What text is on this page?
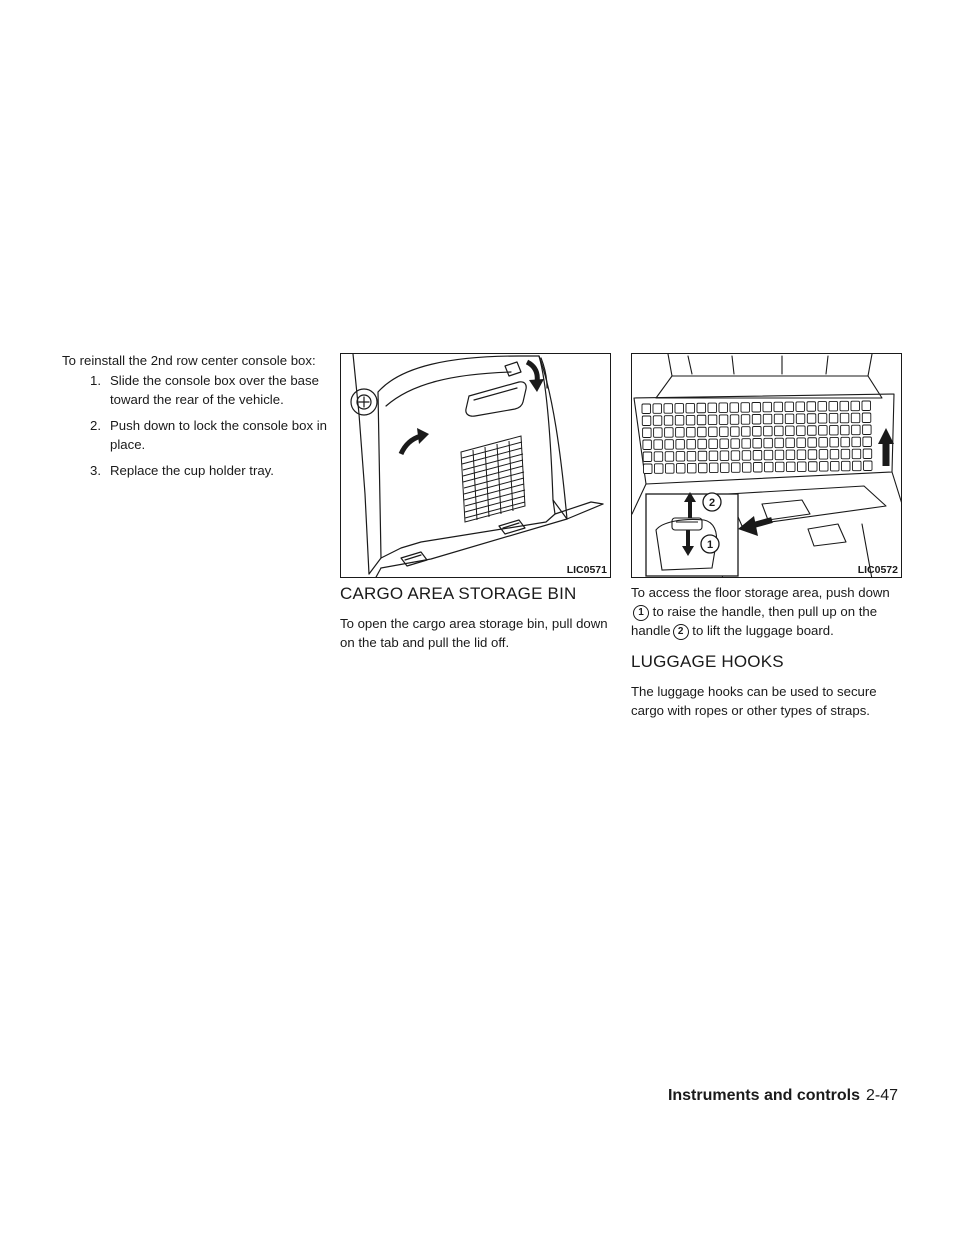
To reinstall the 2nd row center console box:

1. Slide the console box over the base toward the rear of the vehicle.
2. Push down to lock the console box in place.
3. Replace the cup holder tray.
LIC0571
2
1
LIC0572
CARGO AREA STORAGE BIN

To open the cargo area storage bin, pull down on the tab and pull the lid off.

To access the floor storage area, push down1 to raise the handle, then pull up on the handle 2 to lift the luggage board.

LUGGAGE HOOKS

The luggage hooks can be used to secure cargo with ropes or other types of straps.

Instruments and controls 2-47
